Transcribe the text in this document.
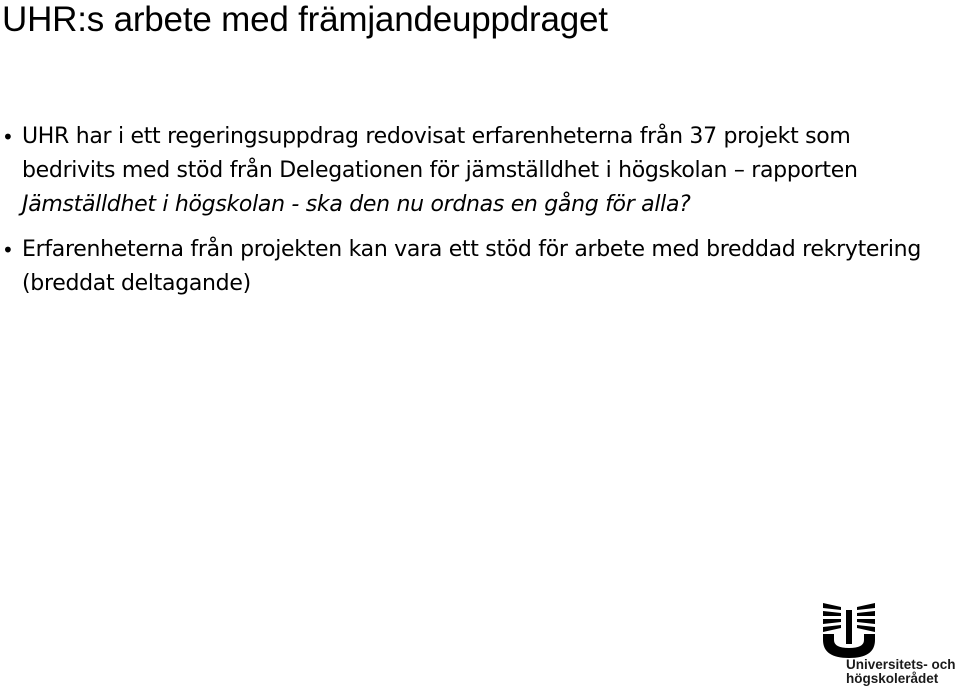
UHR:s arbete med främjandeuppdraget
• UHR har i ett regeringsuppdrag redovisat erfarenheterna från 37 projekt som bedrivits med stöd från Delegationen för jämställdhet i högskolan – rapporten Jämställdhet i högskolan - ska den nu ordnas en gång för alla?
• Erfarenheterna från projekten kan vara ett stöd för arbete med breddad rekrytering (breddat deltagande)
Universitets- och
högskolerådet
